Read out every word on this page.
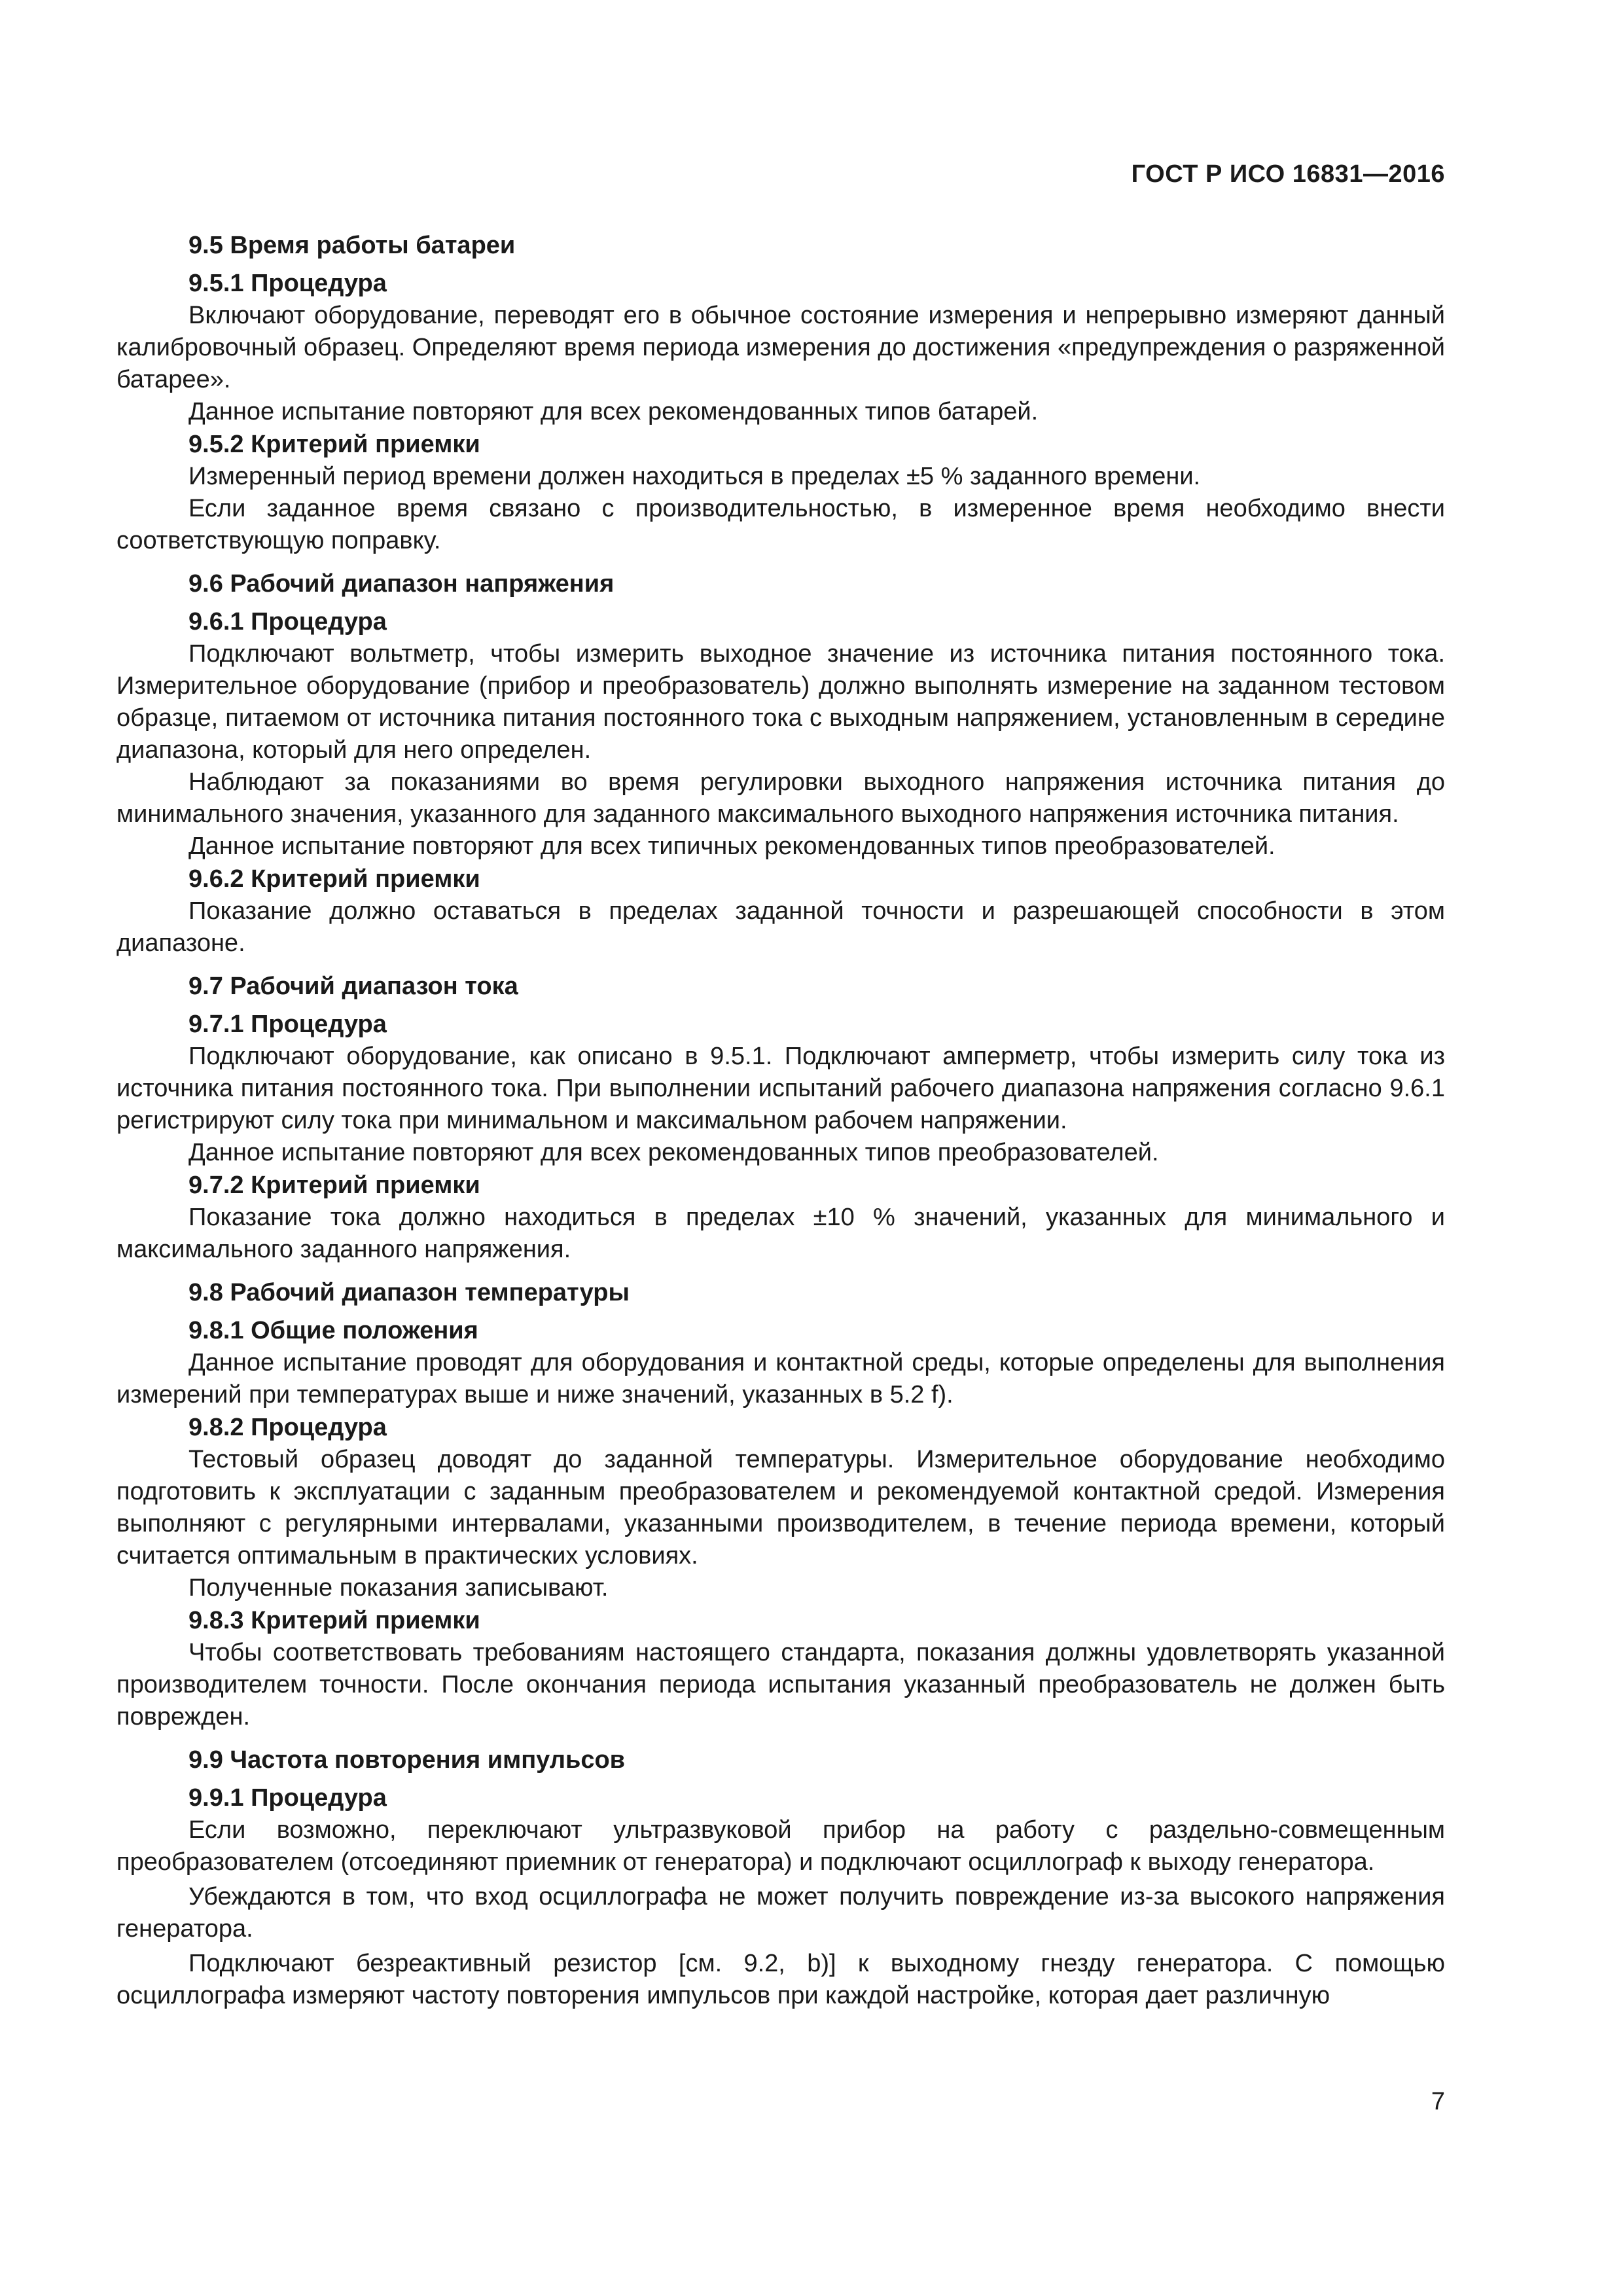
ГОСТ Р ИСО 16831—2016
9.5 Время работы батареи
9.5.1 Процедура
Включают оборудование, переводят его в обычное состояние измерения и непрерывно измеряют данный калибровочный образец. Определяют время периода измерения до достижения «предупреждения о разряженной батарее».
Данное испытание повторяют для всех рекомендованных типов батарей.
9.5.2 Критерий приемки
Измеренный период времени должен находиться в пределах ±5 % заданного времени.
Если заданное время связано с производительностью, в измеренное время необходимо внести соответствующую поправку.
9.6 Рабочий диапазон напряжения
9.6.1 Процедура
Подключают вольтметр, чтобы измерить выходное значение из источника питания постоянного тока. Измерительное оборудование (прибор и преобразователь) должно выполнять измерение на заданном тестовом образце, питаемом от источника питания постоянного тока с выходным напряжением, установленным в середине диапазона, который для него определен.
Наблюдают за показаниями во время регулировки выходного напряжения источника питания до минимального значения, указанного для заданного максимального выходного напряжения источника питания.
Данное испытание повторяют для всех типичных рекомендованных типов преобразователей.
9.6.2 Критерий приемки
Показание должно оставаться в пределах заданной точности и разрешающей способности в этом диапазоне.
9.7 Рабочий диапазон тока
9.7.1 Процедура
Подключают оборудование, как описано в 9.5.1. Подключают амперметр, чтобы измерить силу тока из источника питания постоянного тока. При выполнении испытаний рабочего диапазона напряжения согласно 9.6.1 регистрируют силу тока при минимальном и максимальном рабочем напряжении.
Данное испытание повторяют для всех рекомендованных типов преобразователей.
9.7.2 Критерий приемки
Показание тока должно находиться в пределах ±10 % значений, указанных для минимального и максимального заданного напряжения.
9.8 Рабочий диапазон температуры
9.8.1 Общие положения
Данное испытание проводят для оборудования и контактной среды, которые определены для выполнения измерений при температурах выше и ниже значений, указанных в 5.2 f).
9.8.2 Процедура
Тестовый образец доводят до заданной температуры. Измерительное оборудование необходимо подготовить к эксплуатации с заданным преобразователем и рекомендуемой контактной средой. Измерения выполняют с регулярными интервалами, указанными производителем, в течение периода времени, который считается оптимальным в практических условиях.
Полученные показания записывают.
9.8.3 Критерий приемки
Чтобы соответствовать требованиям настоящего стандарта, показания должны удовлетворять указанной производителем точности. После окончания периода испытания указанный преобразователь не должен быть поврежден.
9.9 Частота повторения импульсов
9.9.1 Процедура
Если возможно, переключают ультразвуковой прибор на работу с раздельно-совмещенным преобразователем (отсоединяют приемник от генератора) и подключают осциллограф к выходу генератора.
Убеждаются в том, что вход осциллографа не может получить повреждение из-за высокого напряжения генератора.
Подключают безреактивный резистор [см. 9.2, b)] к выходному гнезду генератора. С помощью осциллографа измеряют частоту повторения импульсов при каждой настройке, которая дает различную
7
